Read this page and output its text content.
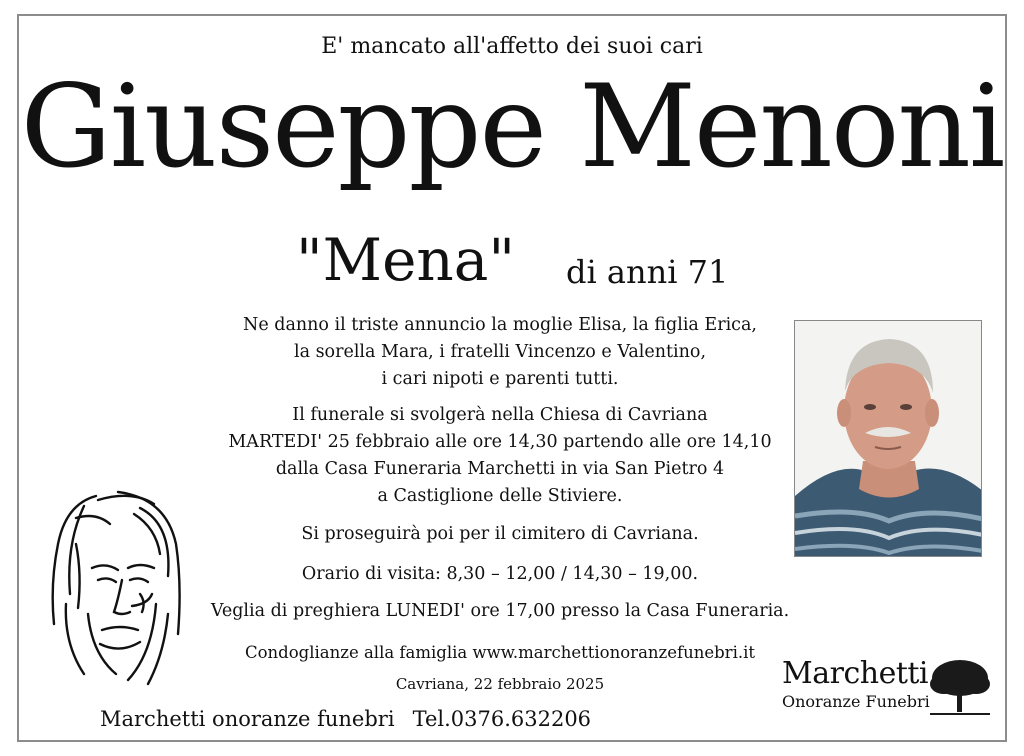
E' mancato all'affetto dei suoi cari
Giuseppe Menoni
"Mena" di anni 71
Ne danno il triste annuncio la moglie Elisa, la figlia Erica,
la sorella Mara, i fratelli Vincenzo e Valentino,
i cari nipoti e parenti tutti.
Il funerale si svolgerà nella Chiesa di Cavriana
MARTEDI' 25 febbraio alle ore 14,30 partendo alle ore 14,10
dalla Casa Funeraria Marchetti in via San Pietro 4
a Castiglione delle Stiviere.
Si proseguirà poi per il cimitero di Cavriana.
Orario di visita: 8,30 – 12,00 / 14,30 – 19,00.
Veglia di preghiera LUNEDI' ore 17,00 presso la Casa Funeraria.
Condoglianze alla famiglia www.marchettionoranzefunebri.it
Cavriana, 22 febbraio 2025
Marchetti onoranze funebri Tel.0376.632206
Marchetti
Onoranze Funebri
